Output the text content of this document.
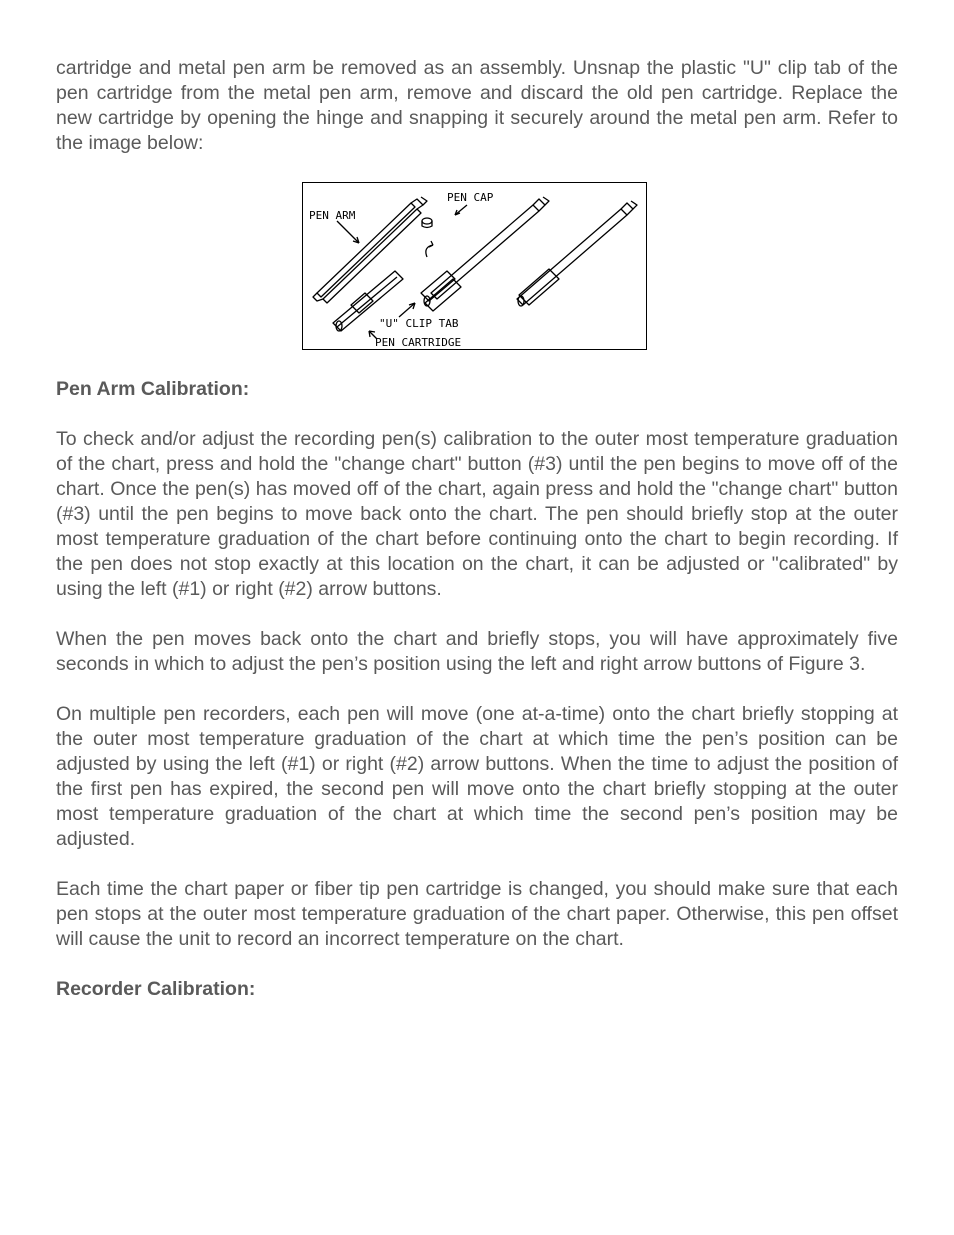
cartridge and metal pen arm be removed as an assembly. Unsnap the plastic "U" clip tab of the pen cartridge from the metal pen arm, remove and discard the old pen cartridge. Replace the new cartridge by opening the hinge and snapping it securely around the metal pen arm. Refer to the image below:

PEN ARM
PEN CAP
"U" CLIP TAB
PEN CARTRIDGE
Pen Arm Calibration:

To check and/or adjust the recording pen(s) calibration to the outer most temperature graduation of the chart, press and hold the "change chart" button (#3) until the pen begins to move off of the chart. Once the pen(s) has moved off of the chart, again press and hold the "change chart" button (#3) until the pen begins to move back onto the chart. The pen should briefly stop at the outer most temperature graduation of the chart before continuing onto the chart to begin recording. If the pen does not stop exactly at this location on the chart, it can be adjusted or "calibrated" by using the left (#1) or right (#2) arrow buttons.

When the pen moves back onto the chart and briefly stops, you will have approximately five seconds in which to adjust the pen’s position using the left and right arrow buttons of Figure 3.

On multiple pen recorders, each pen will move (one at-a-time) onto the chart briefly stopping at the outer most temperature graduation of the chart at which time the pen’s position can be adjusted by using the left (#1) or right (#2) arrow buttons. When the time to adjust the position of the first pen has expired, the second pen will move onto the chart briefly stopping at the outer most temperature graduation of the chart at which time the second pen’s position may be adjusted.

Each time the chart paper or fiber tip pen cartridge is changed, you should make sure that each pen stops at the outer most temperature graduation of the chart paper. Otherwise, this pen offset will cause the unit to record an incorrect temperature on the chart.

Recorder Calibration:
